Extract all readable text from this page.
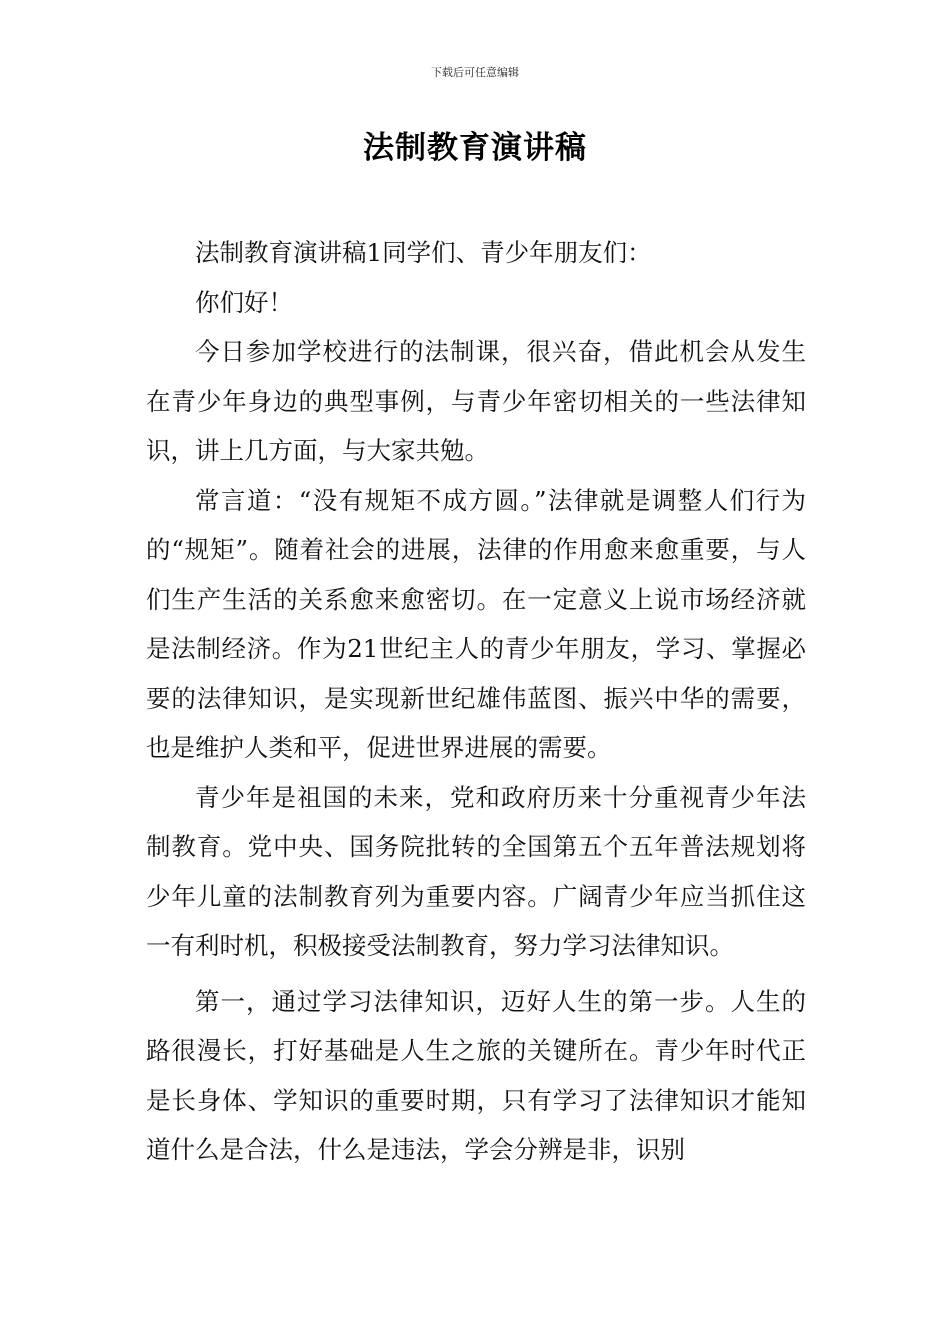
下载后可任意编辑
法制教育演讲稿

法制教育演讲稿1同学们、青少年朋友们：

你们好！

今日参加学校进行的法制课，很兴奋，借此机会从发生在青少年身边的典型事例，与青少年密切相关的一些法律知识，讲上几方面，与大家共勉。

常言道：“没有规矩不成方圆。”法律就是调整人们行为的“规矩”。随着社会的进展，法律的作用愈来愈重要，与人们生产生活的关系愈来愈密切。在一定意义上说市场经济就是法制经济。作为21世纪主人的青少年朋友，学习、掌握必要的法律知识，是实现新世纪雄伟蓝图、振兴中华的需要，也是维护人类和平，促进世界进展的需要。

青少年是祖国的未来，党和政府历来十分重视青少年法制教育。党中央、国务院批转的全国第五个五年普法规划将少年儿童的法制教育列为重要内容。广阔青少年应当抓住这一有利时机，积极接受法制教育，努力学习法律知识。

第一，通过学习法律知识，迈好人生的第一步。人生的路很漫长，打好基础是人生之旅的关键所在。青少年时代正是长身体、学知识的重要时期，只有学习了法律知识才能知道什么是合法，什么是违法，学会分辨是非，识别
